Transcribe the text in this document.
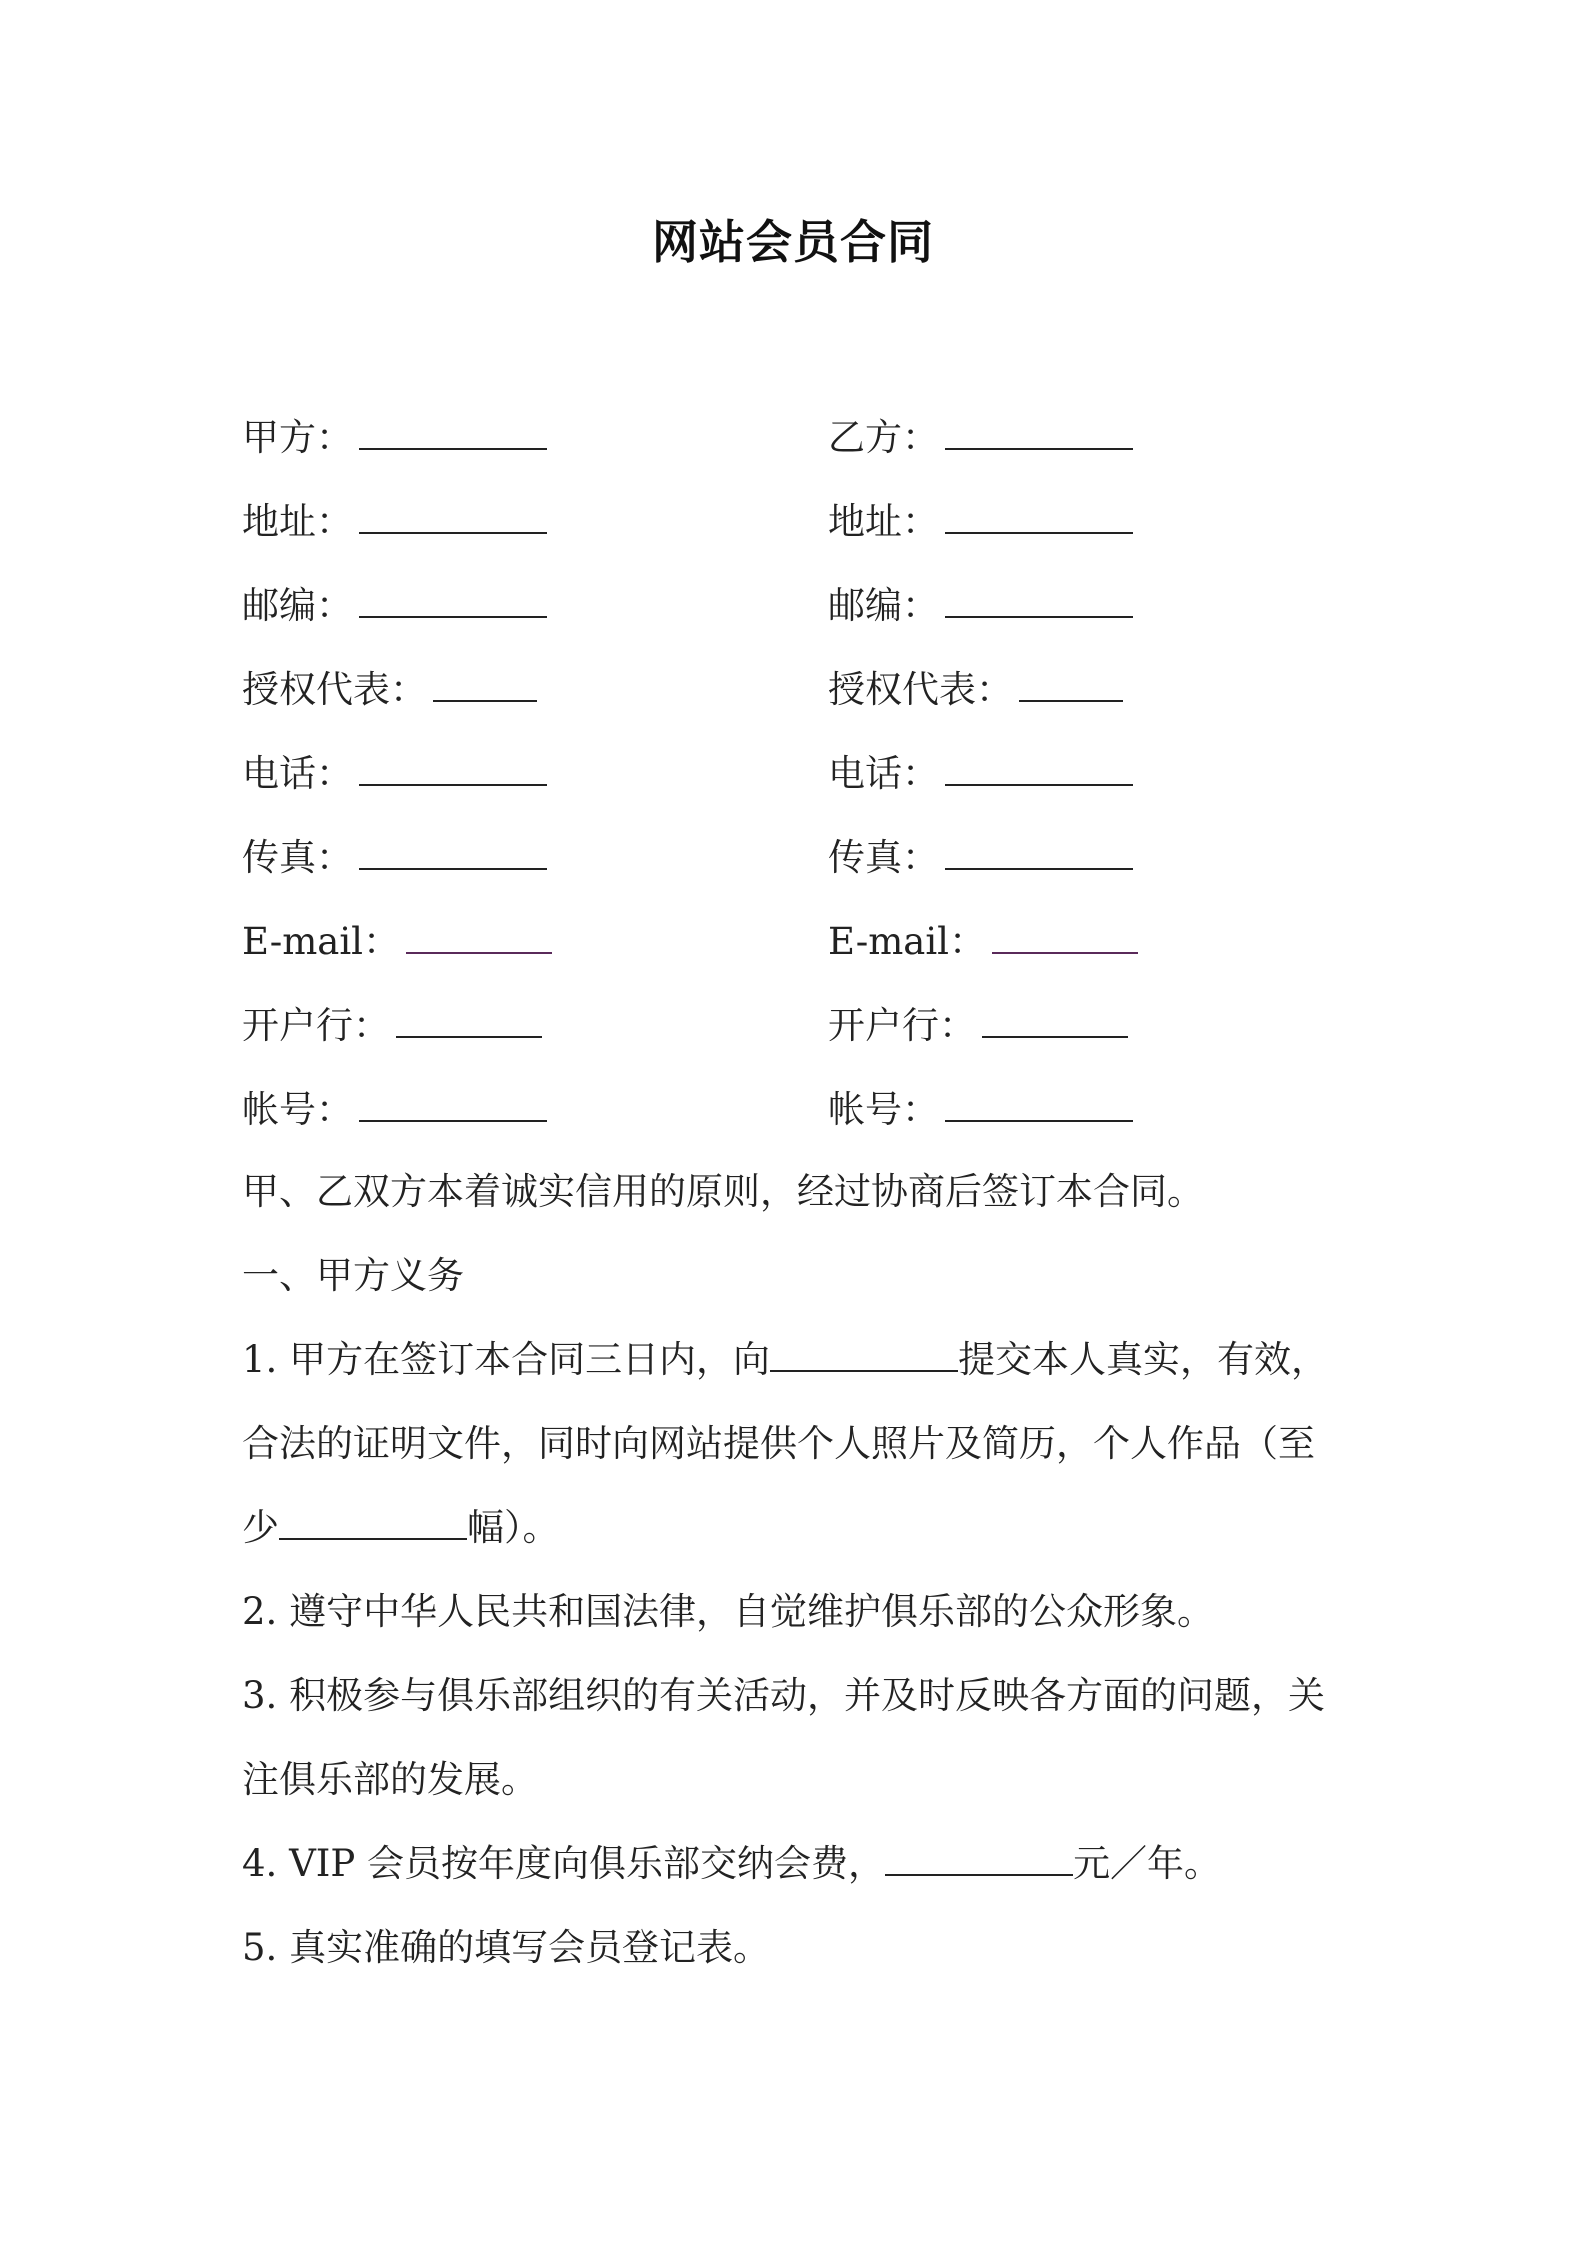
网站会员合同
甲方：	乙方：
地址：	地址：
邮编：	邮编：
授权代表：	授权代表：
电话：	电话：
传真：	传真：
E-mail：	E-mail：
开户行：	开户行：
帐号：	帐号：
甲、乙双方本着诚实信用的原则，经过协商后签订本合同。
一、甲方义务
1. 甲方在签订本合同三日内，向	提交本人真实，有效，
合法的证明文件，同时向网站提供个人照片及简历，个人作品（至
少	幅）。
2. 遵守中华人民共和国法律，自觉维护俱乐部的公众形象。
3. 积极参与俱乐部组织的有关活动，并及时反映各方面的问题，关
注俱乐部的发展。
4. VIP 会员按年度向俱乐部交纳会费，	元／年。
5. 真实准确的填写会员登记表。
